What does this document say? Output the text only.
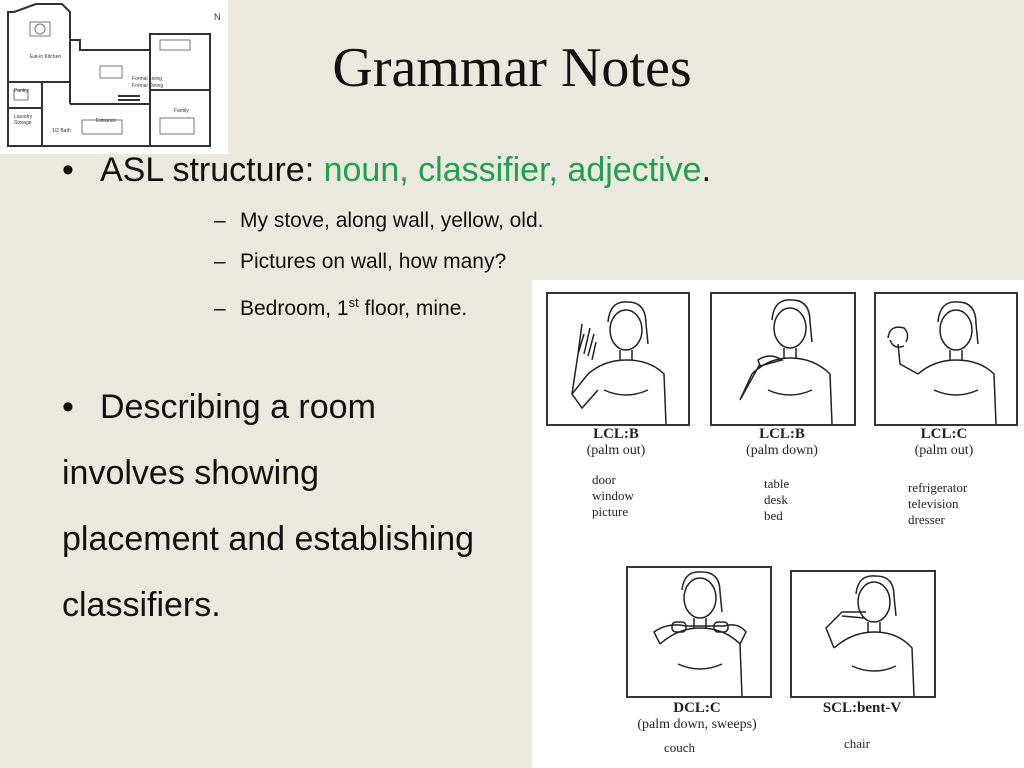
Eat-in Kitchen
Pantry
Formal Living
Formal Dining
Laundry
Storage
1/2 Bath
Entrance
Family
N
Grammar Notes
• ASL structure: noun, classifier, adjective.
– My stove, along wall, yellow, old.
– Pictures on wall, how many?
– Bedroom, 1st floor, mine.
• Describing a room
involves showing
placement and establishing
classifiers.
LCL:B
(palm out)
door
window
picture
LCL:B
(palm down)
table
desk
bed
LCL:C
(palm out)
refrigerator
television
dresser
DCL:C
(palm down, sweeps)
couch
SCL:bent-V
chair
